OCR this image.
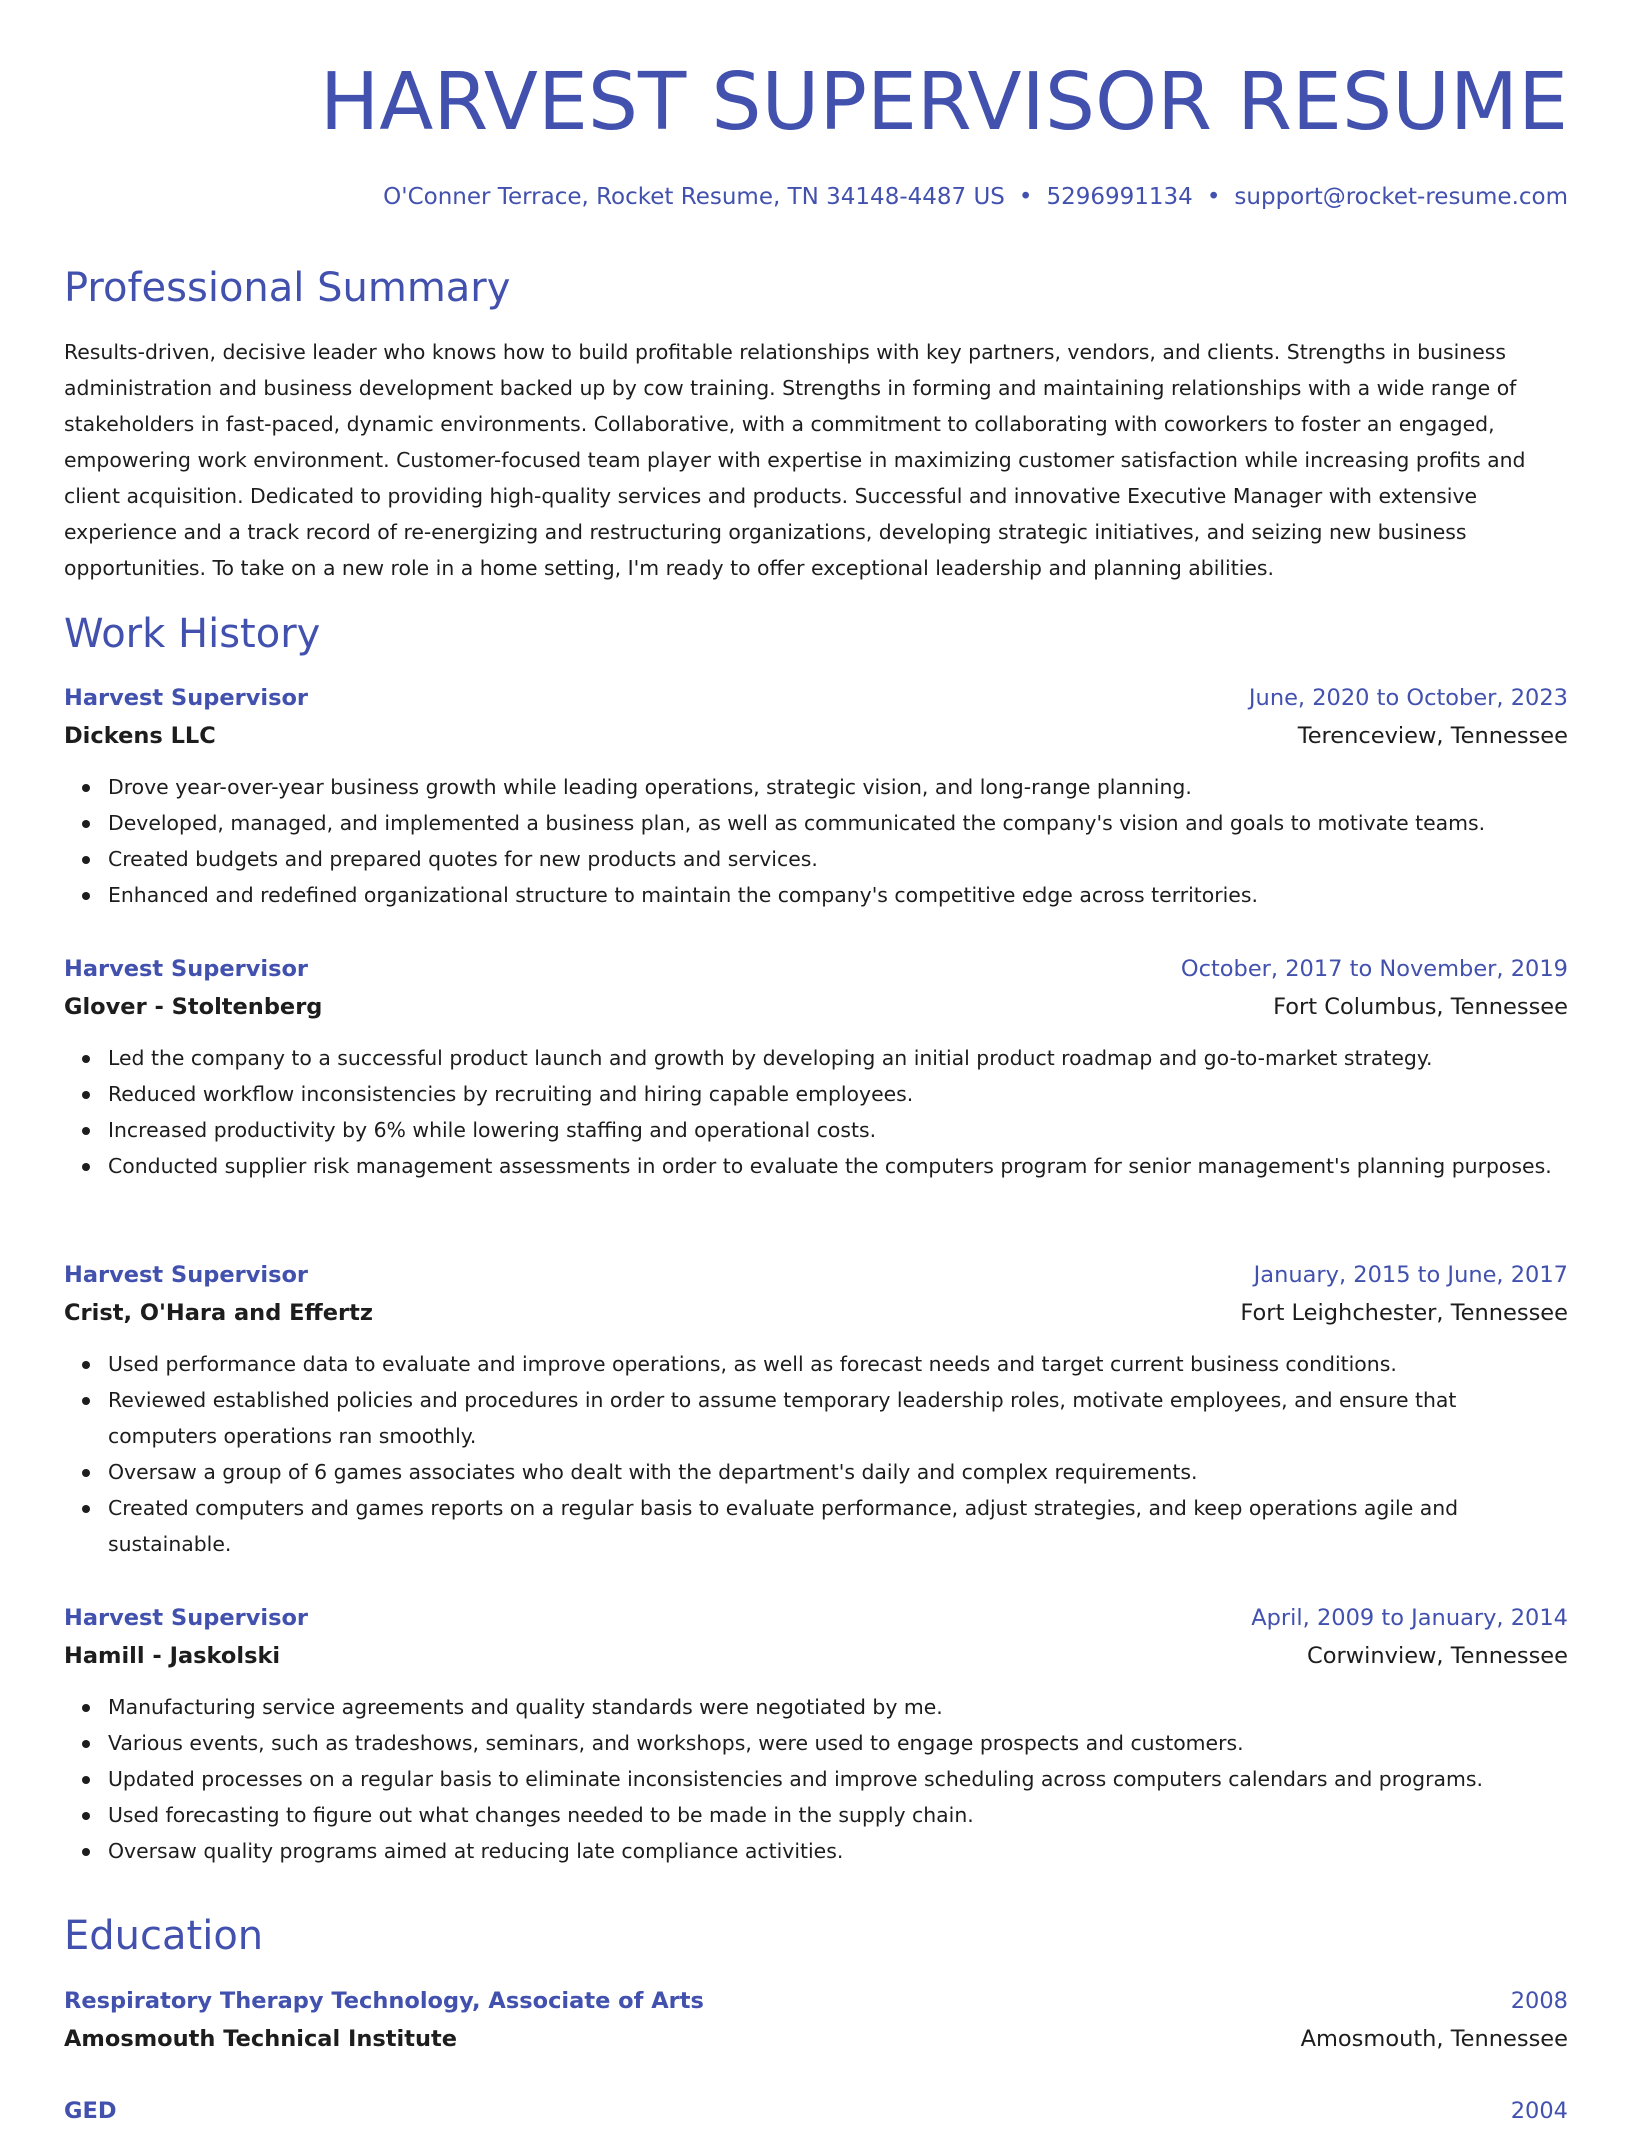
HARVEST SUPERVISOR RESUME
O'Conner Terrace, Rocket Resume, TN 34148-4487 US • 5296991134 • support@rocket-resume.com
Professional Summary

Results-driven, decisive leader who knows how to build profitable relationships with key partners, vendors, and clients. Strengths in business administration and business development backed up by cow training. Strengths in forming and maintaining relationships with a wide range of stakeholders in fast-paced, dynamic environments. Collaborative, with a commitment to collaborating with coworkers to foster an engaged, empowering work environment. Customer-focused team player with expertise in maximizing customer satisfaction while increasing profits and client acquisition. Dedicated to providing high-quality services and products. Successful and innovative Executive Manager with extensive experience and a track record of re-energizing and restructuring organizations, developing strategic initiatives, and seizing new business opportunities. To take on a new role in a home setting, I'm ready to offer exceptional leadership and planning abilities.

Work History
Harvest Supervisor	June, 2020 to October, 2023
Dickens LLC	Terenceview, Tennessee
Drove year-over-year business growth while leading operations, strategic vision, and long-range planning.
Developed, managed, and implemented a business plan, as well as communicated the company's vision and goals to motivate teams.
Created budgets and prepared quotes for new products and services.
Enhanced and redefined organizational structure to maintain the company's competitive edge across territories.
Harvest Supervisor	October, 2017 to November, 2019
Glover - Stoltenberg	Fort Columbus, Tennessee
Led the company to a successful product launch and growth by developing an initial product roadmap and go-to-market strategy.
Reduced workflow inconsistencies by recruiting and hiring capable employees.
Increased productivity by 6% while lowering staffing and operational costs.
Conducted supplier risk management assessments in order to evaluate the computers program for senior management's planning purposes.
Harvest Supervisor	January, 2015 to June, 2017
Crist, O'Hara and Effertz	Fort Leighchester, Tennessee
Used performance data to evaluate and improve operations, as well as forecast needs and target current business conditions.
Reviewed established policies and procedures in order to assume temporary leadership roles, motivate employees, and ensure that computers operations ran smoothly.
Oversaw a group of 6 games associates who dealt with the department's daily and complex requirements.
Created computers and games reports on a regular basis to evaluate performance, adjust strategies, and keep operations agile and sustainable.
Harvest Supervisor	April, 2009 to January, 2014
Hamill - Jaskolski	Corwinview, Tennessee
Manufacturing service agreements and quality standards were negotiated by me.
Various events, such as tradeshows, seminars, and workshops, were used to engage prospects and customers.
Updated processes on a regular basis to eliminate inconsistencies and improve scheduling across computers calendars and programs.
Used forecasting to figure out what changes needed to be made in the supply chain.
Oversaw quality programs aimed at reducing late compliance activities.
Education
Respiratory Therapy Technology, Associate of Arts	2008
Amosmouth Technical Institute	Amosmouth, Tennessee
GED	2004
